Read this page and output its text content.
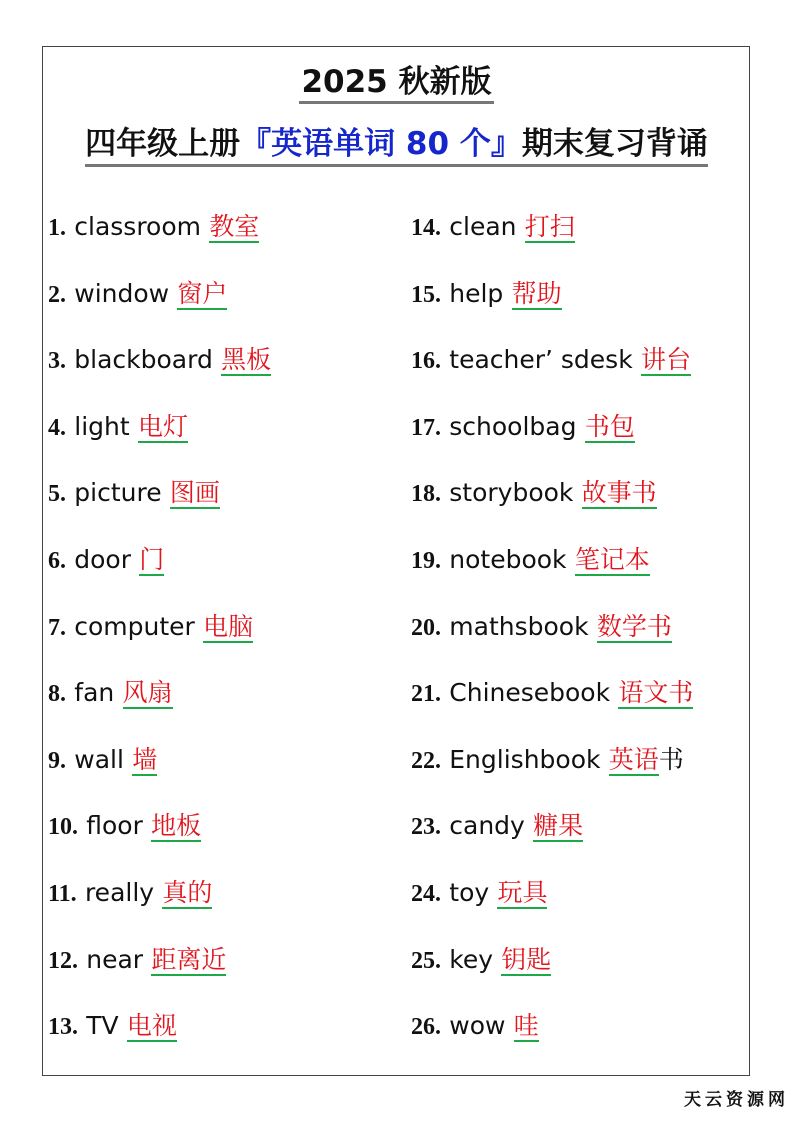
2025 秋新版
四年级上册『英语单词 80 个』期末复习背诵
1. classroom 教室
2. window 窗户
3. blackboard 黑板
4. light 电灯
5. picture 图画
6. door 门
7. computer 电脑
8. fan 风扇
9. wall 墙
10. floor 地板
11. really 真的
12. near 距离近
13. TV 电视
14. clean 打扫
15. help 帮助
16. teacher’ sdesk 讲台
17. schoolbag 书包
18. storybook 故事书
19. notebook 笔记本
20. mathsbook 数学书
21. Chinesebook 语文书
22. Englishbook 英语书
23. candy 糖果
24. toy 玩具
25. key 钥匙
26. wow 哇
天云资源网
